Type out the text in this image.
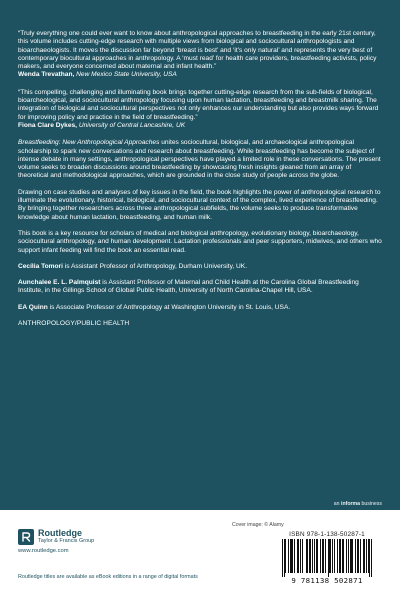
“Truly everything one could ever want to know about anthropological approaches to breastfeeding in the early 21st century, this volume includes cutting-edge research with multiple views from biological and sociocultural anthropologists and bioarchaeologists. It moves the discussion far beyond ‘breast is best’ and ‘it’s only natural’ and represents the very best of contemporary biocultural approaches in anthropology. A ‘must read’ for health care providers, breastfeeding activists, policy makers, and everyone concerned about maternal and infant health.”
Wenda Trevathan, New Mexico State University, USA
“This compelling, challenging and illuminating book brings together cutting-edge research from the sub-fields of biological, bioarcheological, and sociocultural anthropology focusing upon human lactation, breastfeeding and breastmilk sharing. The integration of biological and sociocultural perspectives not only enhances our understanding but also provides ways forward for improving policy and practice in the field of breastfeeding.”
Fiona Clare Dykes, University of Central Lancashire, UK
Breastfeeding: New Anthropological Approaches unites sociocultural, biological, and archaeological anthropological scholarship to spark new conversations and research about breastfeeding. While breastfeeding has become the subject of intense debate in many settings, anthropological perspectives have played a limited role in these conversations. The present volume seeks to broaden discussions around breastfeeding by showcasing fresh insights gleaned from an array of theoretical and methodological approaches, which are grounded in the close study of people across the globe.
Drawing on case studies and analyses of key issues in the field, the book highlights the power of anthropological research to illuminate the evolutionary, historical, biological, and sociocultural context of the complex, lived experience of breastfeeding. By bringing together researchers across three anthropological subfields, the volume seeks to produce transformative knowledge about human lactation, breastfeeding, and human milk.
This book is a key resource for scholars of medical and biological anthropology, evolutionary biology, bioarchaeology, sociocultural anthropology, and human development. Lactation professionals and peer supporters, midwives, and others who support infant feeding will find the book an essential read.
Cecília Tomori is Assistant Professor of Anthropology, Durham University, UK.
Aunchalee E. L. Palmquist is Assistant Professor of Maternal and Child Health at the Carolina Global Breastfeeding Institute, in the Gillings School of Global Public Health, University of North Carolina-Chapel Hill, USA.
EA Quinn is Associate Professor of Anthropology at Washington University in St. Louis, USA.
ANTHROPOLOGY/PUBLIC HEALTH
an informa business
Routledge
Taylor & Francis Group
www.routledge.com
Cover image: © Alamy
ISBN 978-1-138-50287-1
9 781138 502871
Routledge titles are available as eBook editions in a range of digital formats
